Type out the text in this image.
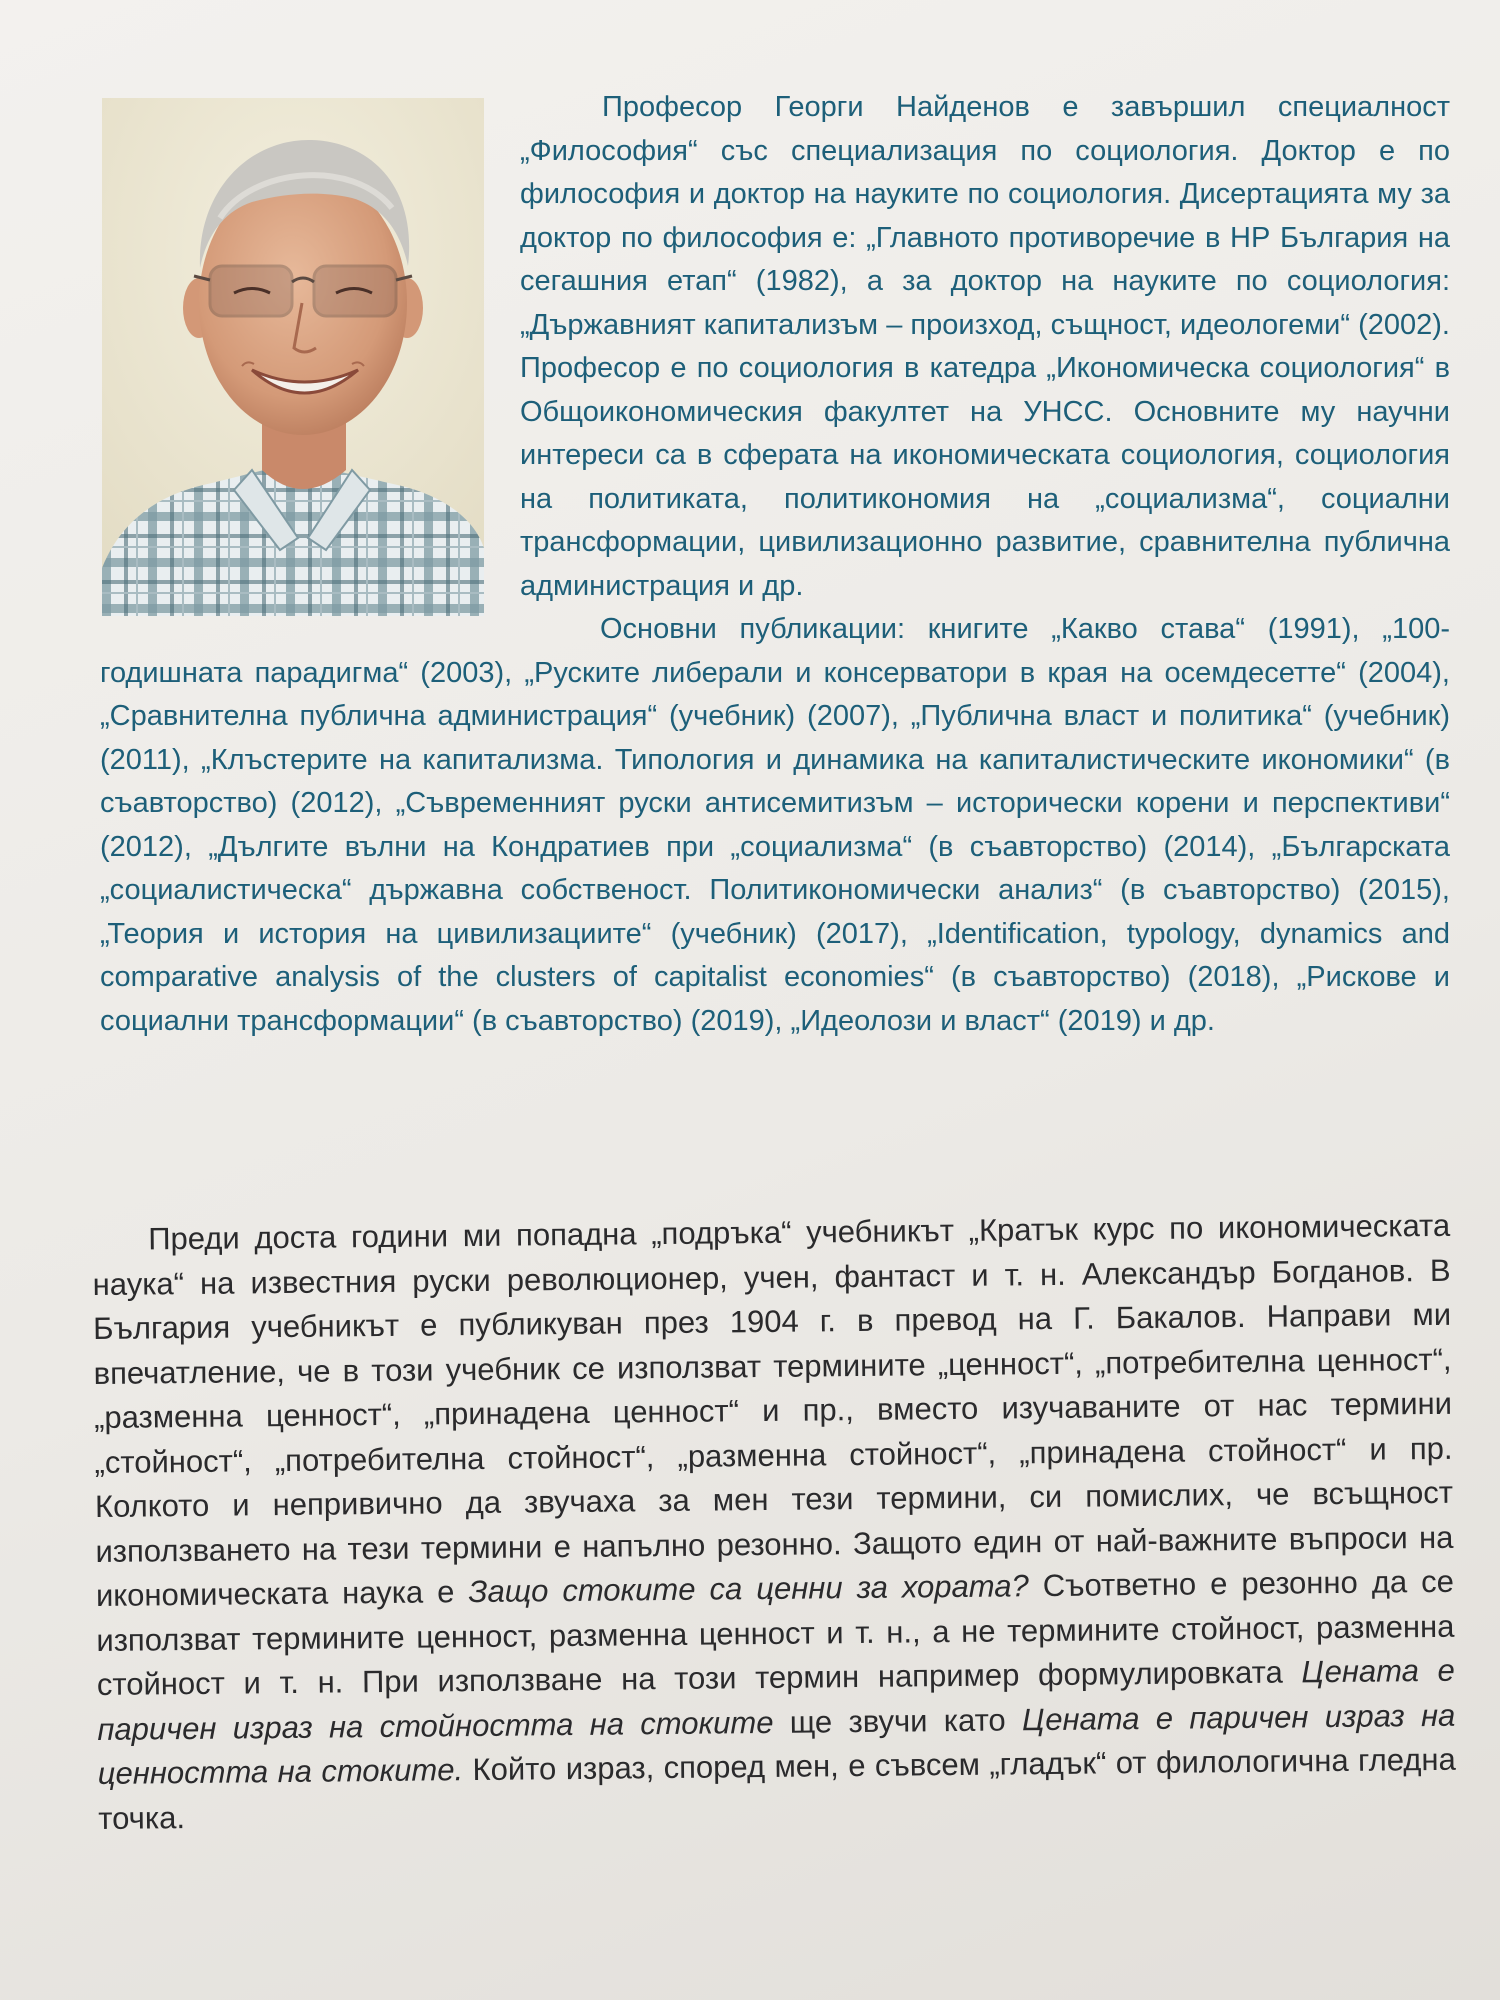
Професор Георги Найденов е завършил специалност „Философия“ със специализация по социология. Доктор е по философия и доктор на науките по социология. Дисертацията му за доктор по философия е: „Главното противоречие в НР България на сегашния етап“ (1982), а за доктор на науките по социология: „Държавният капитализъм – произход, същност, идеологеми“ (2002). Професор е по социология в катедра „Икономическа социология“ в Общоикономическия факултет на УНСС. Основните му научни интереси са в сферата на икономическата социология, социология на политиката, политикономия на „социализма“, социални трансформации, цивилизационно развитие, сравнителна публична администрация и др.

Основни публикации: книгите „Какво става“ (1991), „100-годишната парадигма“ (2003), „Руските либерали и консерватори в края на осемдесетте“ (2004), „Сравнителна публична администрация“ (учебник) (2007), „Публична власт и политика“ (учебник) (2011), „Клъстерите на капитализма. Типология и динамика на капиталистическите икономики“ (в съавторство) (2012), „Съвременният руски антисемитизъм – исторически корени и перспективи“ (2012), „Дългите вълни на Кондратиев при „социализма“ (в съавторство) (2014), „Българската „социалистическа“ държавна собственост. Политикономически анализ“ (в съавторство) (2015), „Теория и история на цивилизациите“ (учебник) (2017), „Identification, typology, dynamics and comparative analysis of the clusters of capitalist economies“ (в съавторство) (2018), „Рискове и социални трансформации“ (в съавторство) (2019), „Идеолози и власт“ (2019) и др.

Преди доста години ми попадна „подръка“ учебникът „Кратък курс по икономическата наука“ на известния руски революционер, учен, фантаст и т. н. Александър Богданов. В България учебникът е публикуван през 1904 г. в превод на Г. Бакалов. Направи ми впечатление, че в този учебник се използват термините „ценност“, „потребителна ценност“, „разменна ценност“, „принадена ценност“ и пр., вместо изучаваните от нас термини „стойност“, „потребителна стойност“, „разменна стойност“, „принадена стойност“ и пр. Колкото и непривично да звучаха за мен тези термини, си помислих, че всъщност използването на тези термини е напълно резонно. Защото един от най-важните въпроси на икономическата наука е Защо стоките са ценни за хората? Съответно е резонно да се използват термините ценност, разменна ценност и т. н., а не термините стойност, разменна стойност и т. н. При използване на този термин например формулировката Цената е паричен израз на стойността на стоките ще звучи като Цената е паричен израз на ценността на стоките. Който израз, според мен, е съвсем „гладък“ от филологична гледна точка.
